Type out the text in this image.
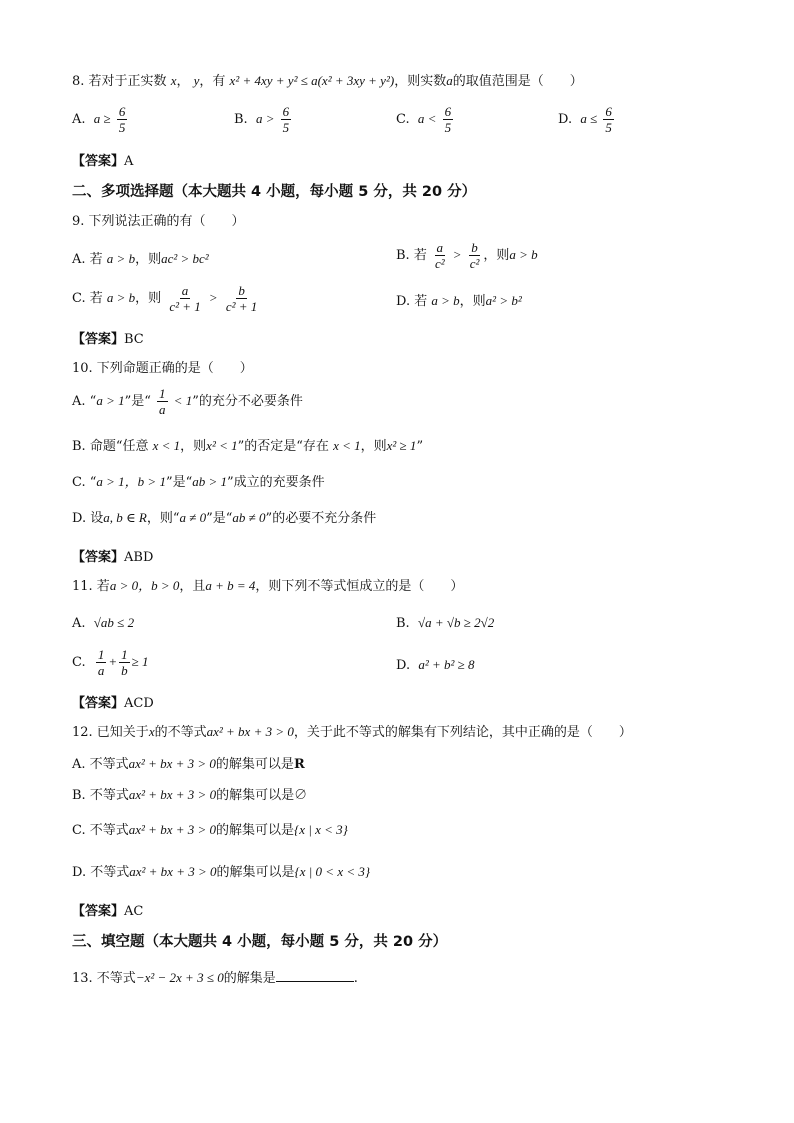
8. 若对于正实数 x， y，有 x² + 4xy + y² ≤ a(x² + 3xy + y²)，则实数a的取值范围是（　　）
A. $a \ge \frac{6}{5}$	B. $a > \frac{6}{5}$	C. $a < \frac{6}{5}$	D. $a \le \frac{6}{5}$
【答案】A
二、多项选择题（本大题共 4 小题，每小题 5 分，共 20 分）
9. 下列说法正确的有（　　）
A. 若 a > b，则ac² > bc²	B. 若 $\frac{a}{\text{c²}} > \frac{b}{\text{c²}}$ ，则a > b
C. 若 a > b，则 $\frac{a}{\text{c² + 1}} > \frac{b}{\text{c² + 1}}$	D. 若 a > b，则a² > b²
【答案】BC
10. 下列命题正确的是（　　）
A. “a > 1”是“ $\frac{1}{a} < 1$”的充分不必要条件
B. 命题“任意 x < 1，则x² < 1”的否定是“存在 x < 1，则x² ≥ 1”
C. “a > 1，b > 1”是“ab > 1”成立的充要条件
D. 设a, b ∈ R，则“a ≠ 0”是“ab ≠ 0”的必要不充分条件
【答案】ABD
11. 若a > 0，b > 0，且a + b = 4，则下列不等式恒成立的是（　　）
A. √ab ≤ 2	B. √a + √b ≥ 2√2
C. $\frac{1}{a} + \frac{1}{b} \ge 1$	D. a² + b² ≥ 8
【答案】ACD
12. 已知关于x的不等式ax² + bx + 3 > 0，关于此不等式的解集有下列结论，其中正确的是（　　）
A. 不等式ax² + bx + 3 > 0的解集可以是R
B. 不等式ax² + bx + 3 > 0的解集可以是∅
C. 不等式ax² + bx + 3 > 0的解集可以是{x | x < 3}
D. 不等式ax² + bx + 3 > 0的解集可以是{x | 0 < x < 3}
【答案】AC
三、填空题（本大题共 4 小题，每小题 5 分，共 20 分）
13. 不等式−x² − 2x + 3 ≤ 0的解集是	.
